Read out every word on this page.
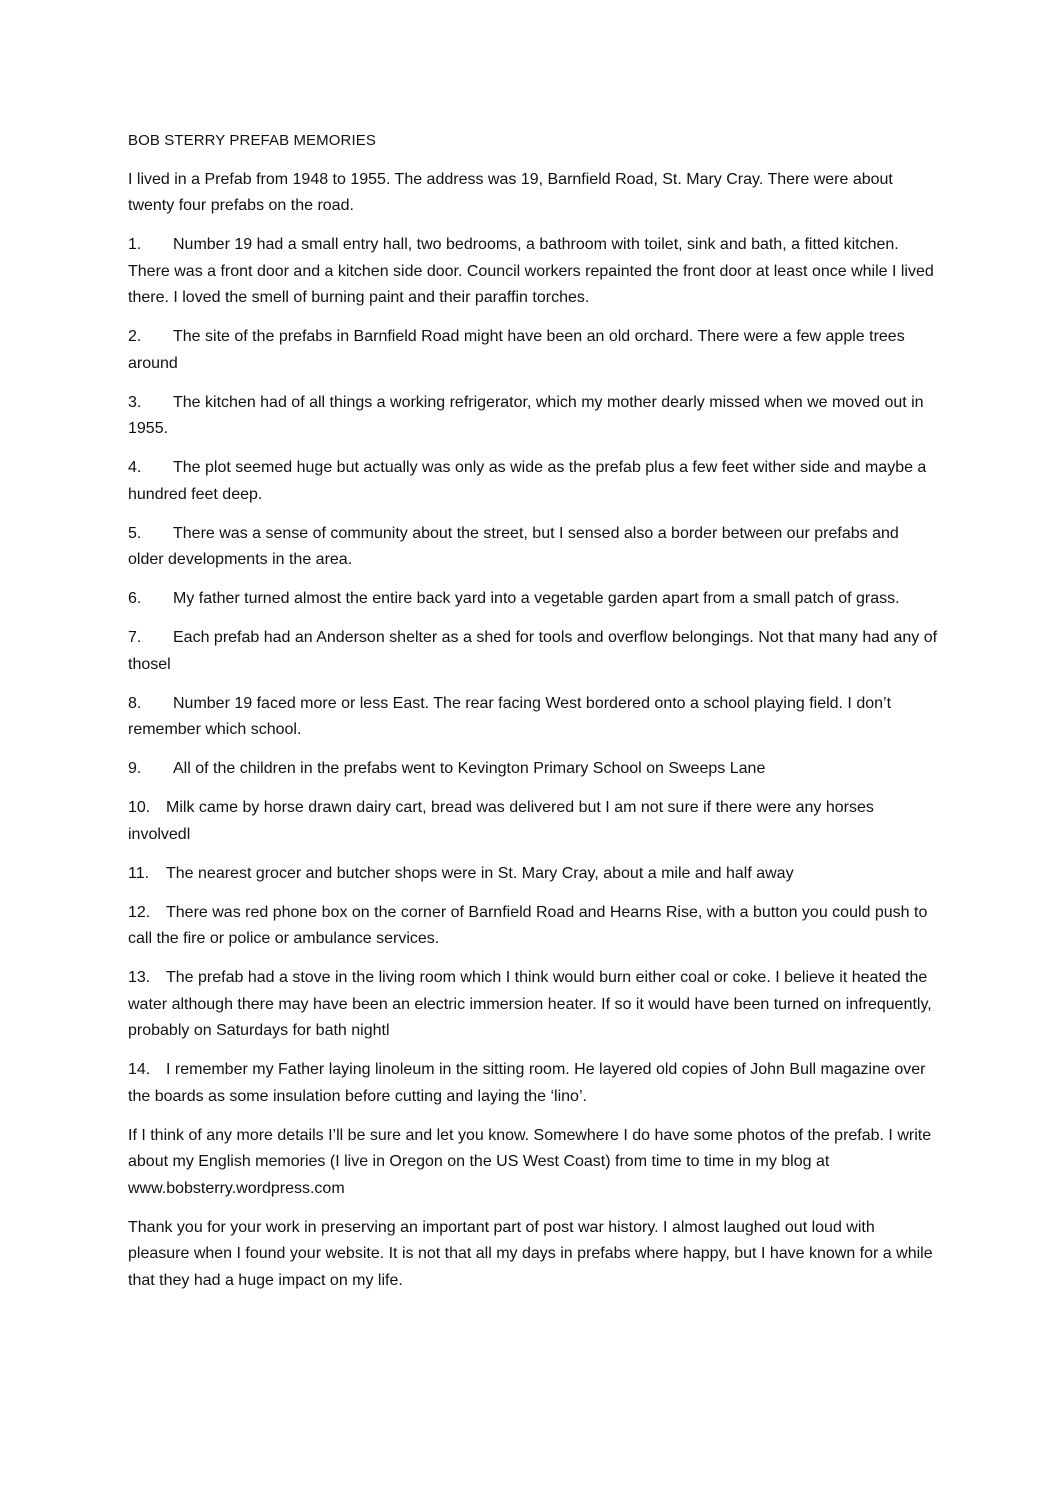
BOB STERRY PREFAB MEMORIES

I lived in a Prefab from 1948 to 1955. The address was 19, Barnfield Road, St. Mary Cray. There were about twenty four prefabs on the road.

1. Number 19 had a small entry hall, two bedrooms, a bathroom with toilet, sink and bath, a fitted kitchen. There was a front door and a kitchen side door. Council workers repainted the front door at least once while I lived there. I loved the smell of burning paint and their paraffin torches.

2. The site of the prefabs in Barnfield Road might have been an old orchard. There were a few apple trees around

3. The kitchen had of all things a working refrigerator, which my mother dearly missed when we moved out in 1955.

4. The plot seemed huge but actually was only as wide as the prefab plus a few feet wither side and maybe a hundred feet deep.

5. There was a sense of community about the street, but I sensed also a border between our prefabs and older developments in the area.

6. My father turned almost the entire back yard into a vegetable garden apart from a small patch of grass.

7. Each prefab had an Anderson shelter as a shed for tools and overflow belongings. Not that many had any of thosel

8. Number 19 faced more or less East. The rear facing West bordered onto a school playing field. I don’t remember which school.

9. All of the children in the prefabs went to Kevington Primary School on Sweeps Lane

10. Milk came by horse drawn dairy cart, bread was delivered but I am not sure if there were any horses involvedl

11. The nearest grocer and butcher shops were in St. Mary Cray, about a mile and half away

12. There was red phone box on the corner of Barnfield Road and Hearns Rise, with a button you could push to call the fire or police or ambulance services.

13. The prefab had a stove in the living room which I think would burn either coal or coke. I believe it heated the water although there may have been an electric immersion heater. If so it would have been turned on infrequently, probably on Saturdays for bath nightl

14. I remember my Father laying linoleum in the sitting room. He layered old copies of John Bull magazine over the boards as some insulation before cutting and laying the ‘lino’.

If I think of any more details I’ll be sure and let you know. Somewhere I do have some photos of the prefab. I write about my English memories (I live in Oregon on the US West Coast) from time to time in my blog at www.bobsterry.wordpress.com

Thank you for your work in preserving an important part of post war history. I almost laughed out loud with pleasure when I found your website. It is not that all my days in prefabs where happy, but I have known for a while that they had a huge impact on my life.
